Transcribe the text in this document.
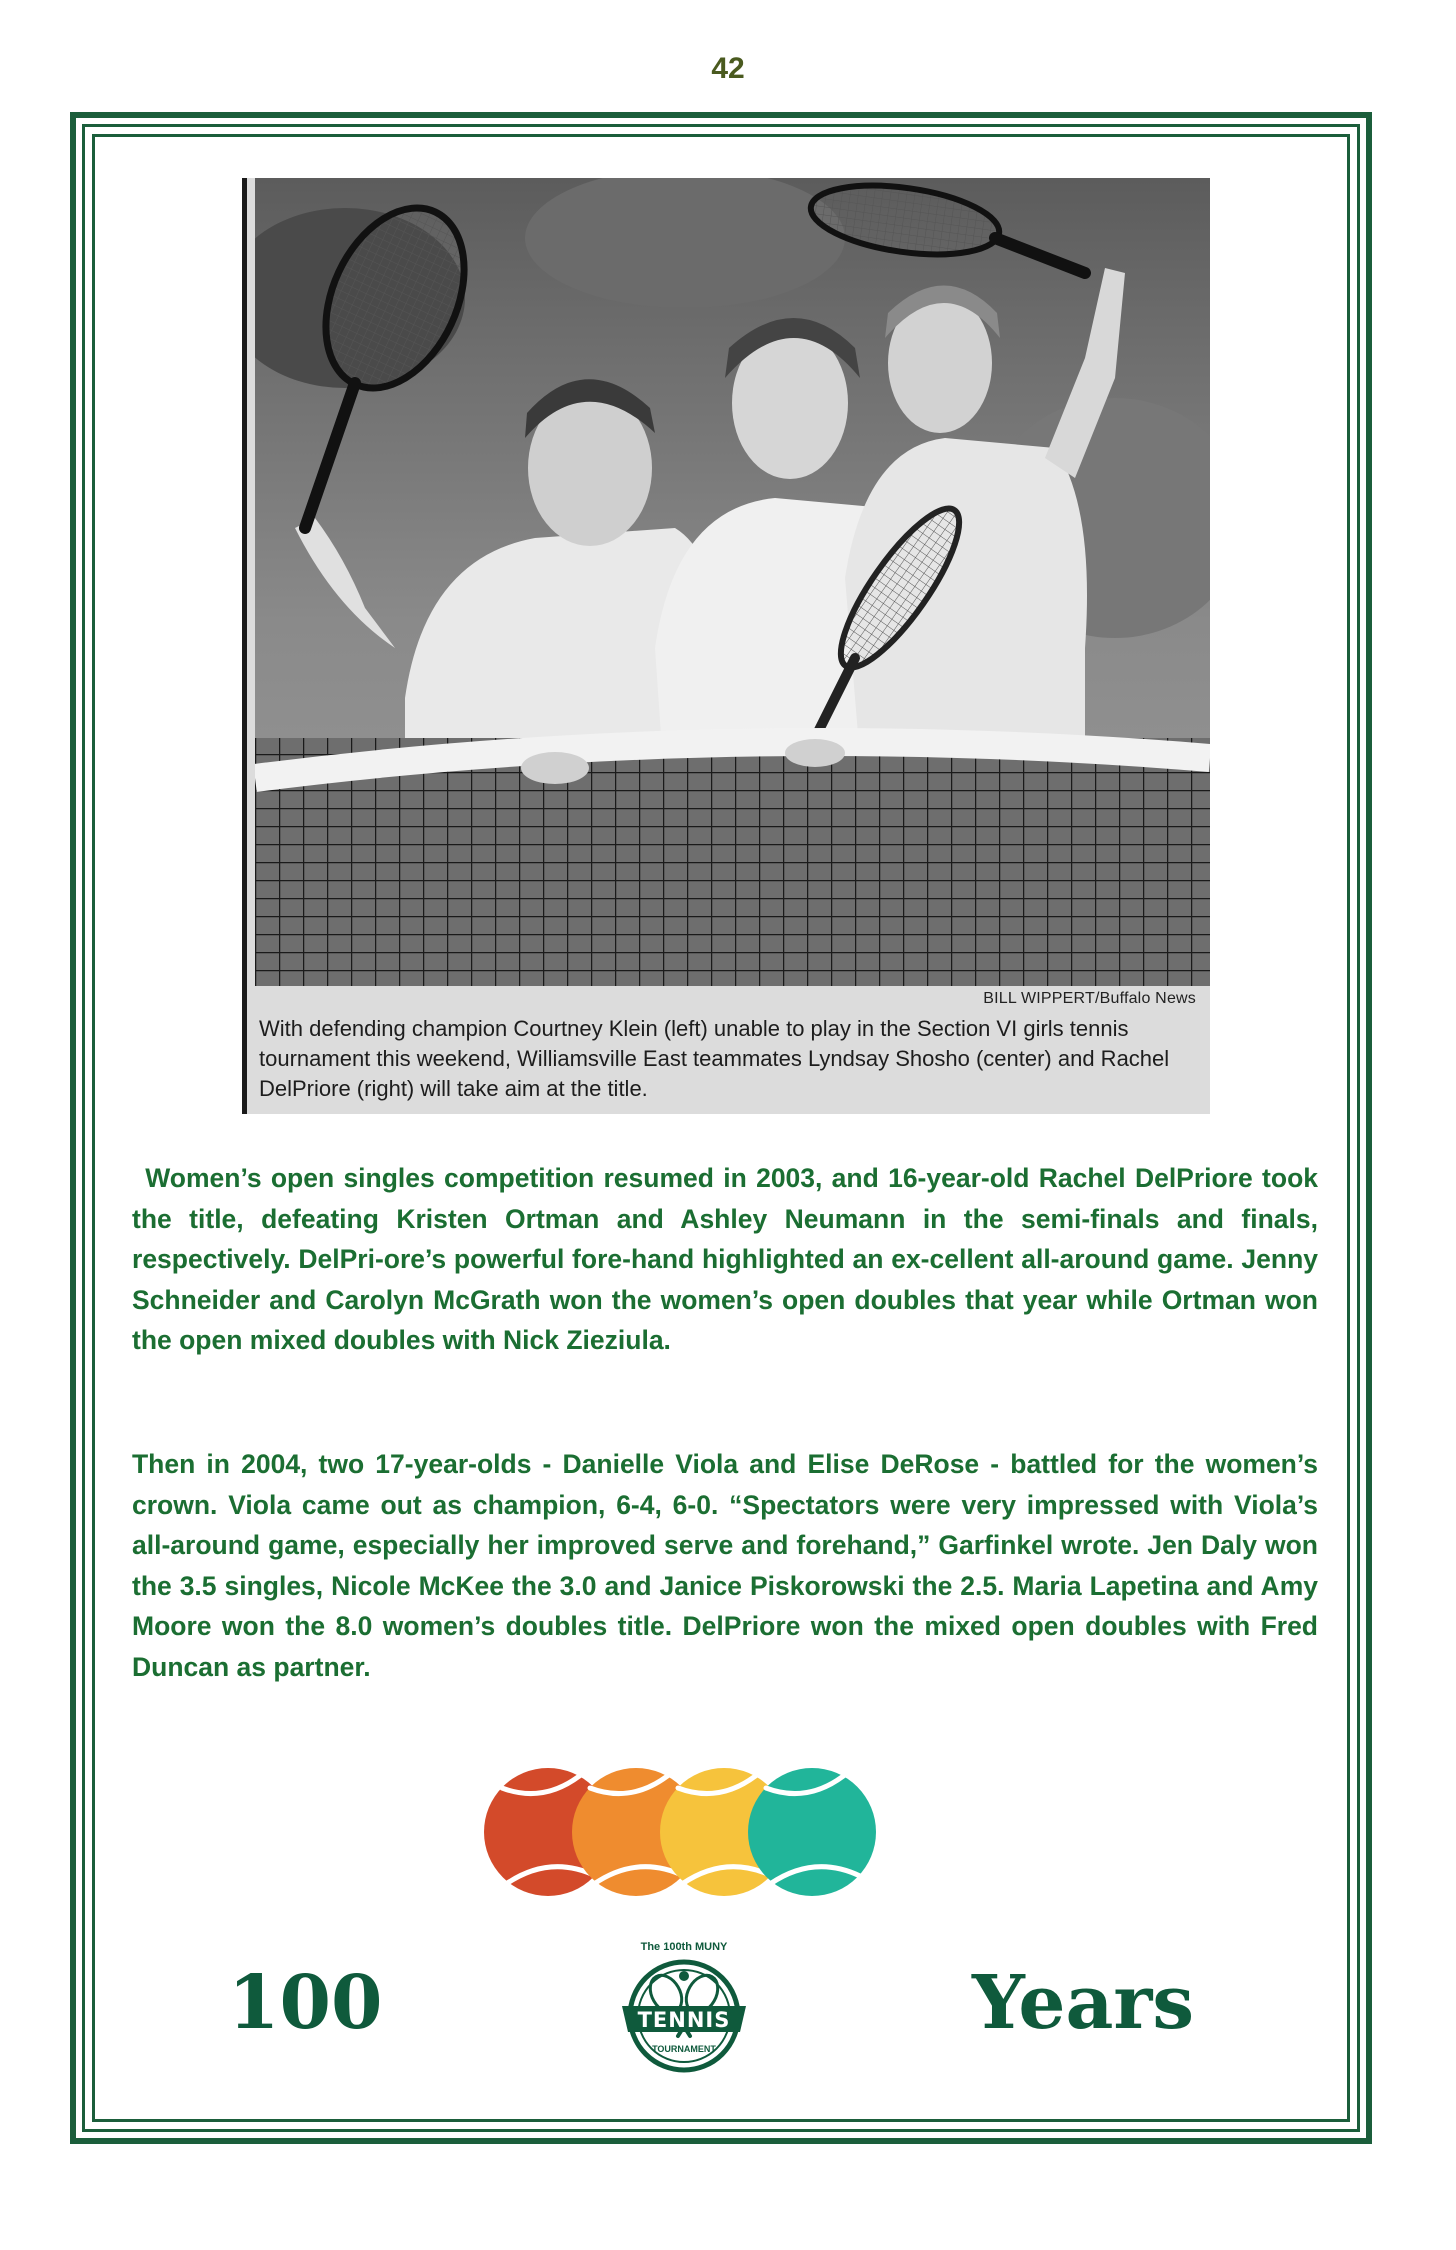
42
BILL WIPPERT/Buffalo News
With defending champion Courtney Klein (left) unable to play in the Section VI girls tennis tournament this weekend, Williamsville East teammates Lyndsay Shosho (center) and Rachel DelPriore (right) will take aim at the title.

Women’s open singles competition resumed in 2003, and 16-year-old Rachel DelPriore took the title, defeating Kristen Ortman and Ashley Neumann in the semi-finals and finals, respectively. DelPri-ore’s powerful fore-hand highlighted an ex-cellent all-around game. Jenny Schneider and Carolyn McGrath won the women’s open doubles that year while Ortman won the open mixed doubles with Nick Zieziula.

Then in 2004, two 17-year-olds - Danielle Viola and Elise DeRose - battled for the women’s crown. Viola came out as champion, 6-4, 6-0. “Spectators were very impressed with Viola’s all-around game, especially her improved serve and forehand,” Garfinkel wrote. Jen Daly won the 3.5 singles, Nicole McKee the 3.0 and Janice Piskorowski the 2.5. Maria Lapetina and Amy Moore won the 8.0 women’s doubles title. DelPriore won the mixed open doubles with Fred Duncan as partner.

100
The 100th MUNY
TENNIS
TOURNAMENT
Years
